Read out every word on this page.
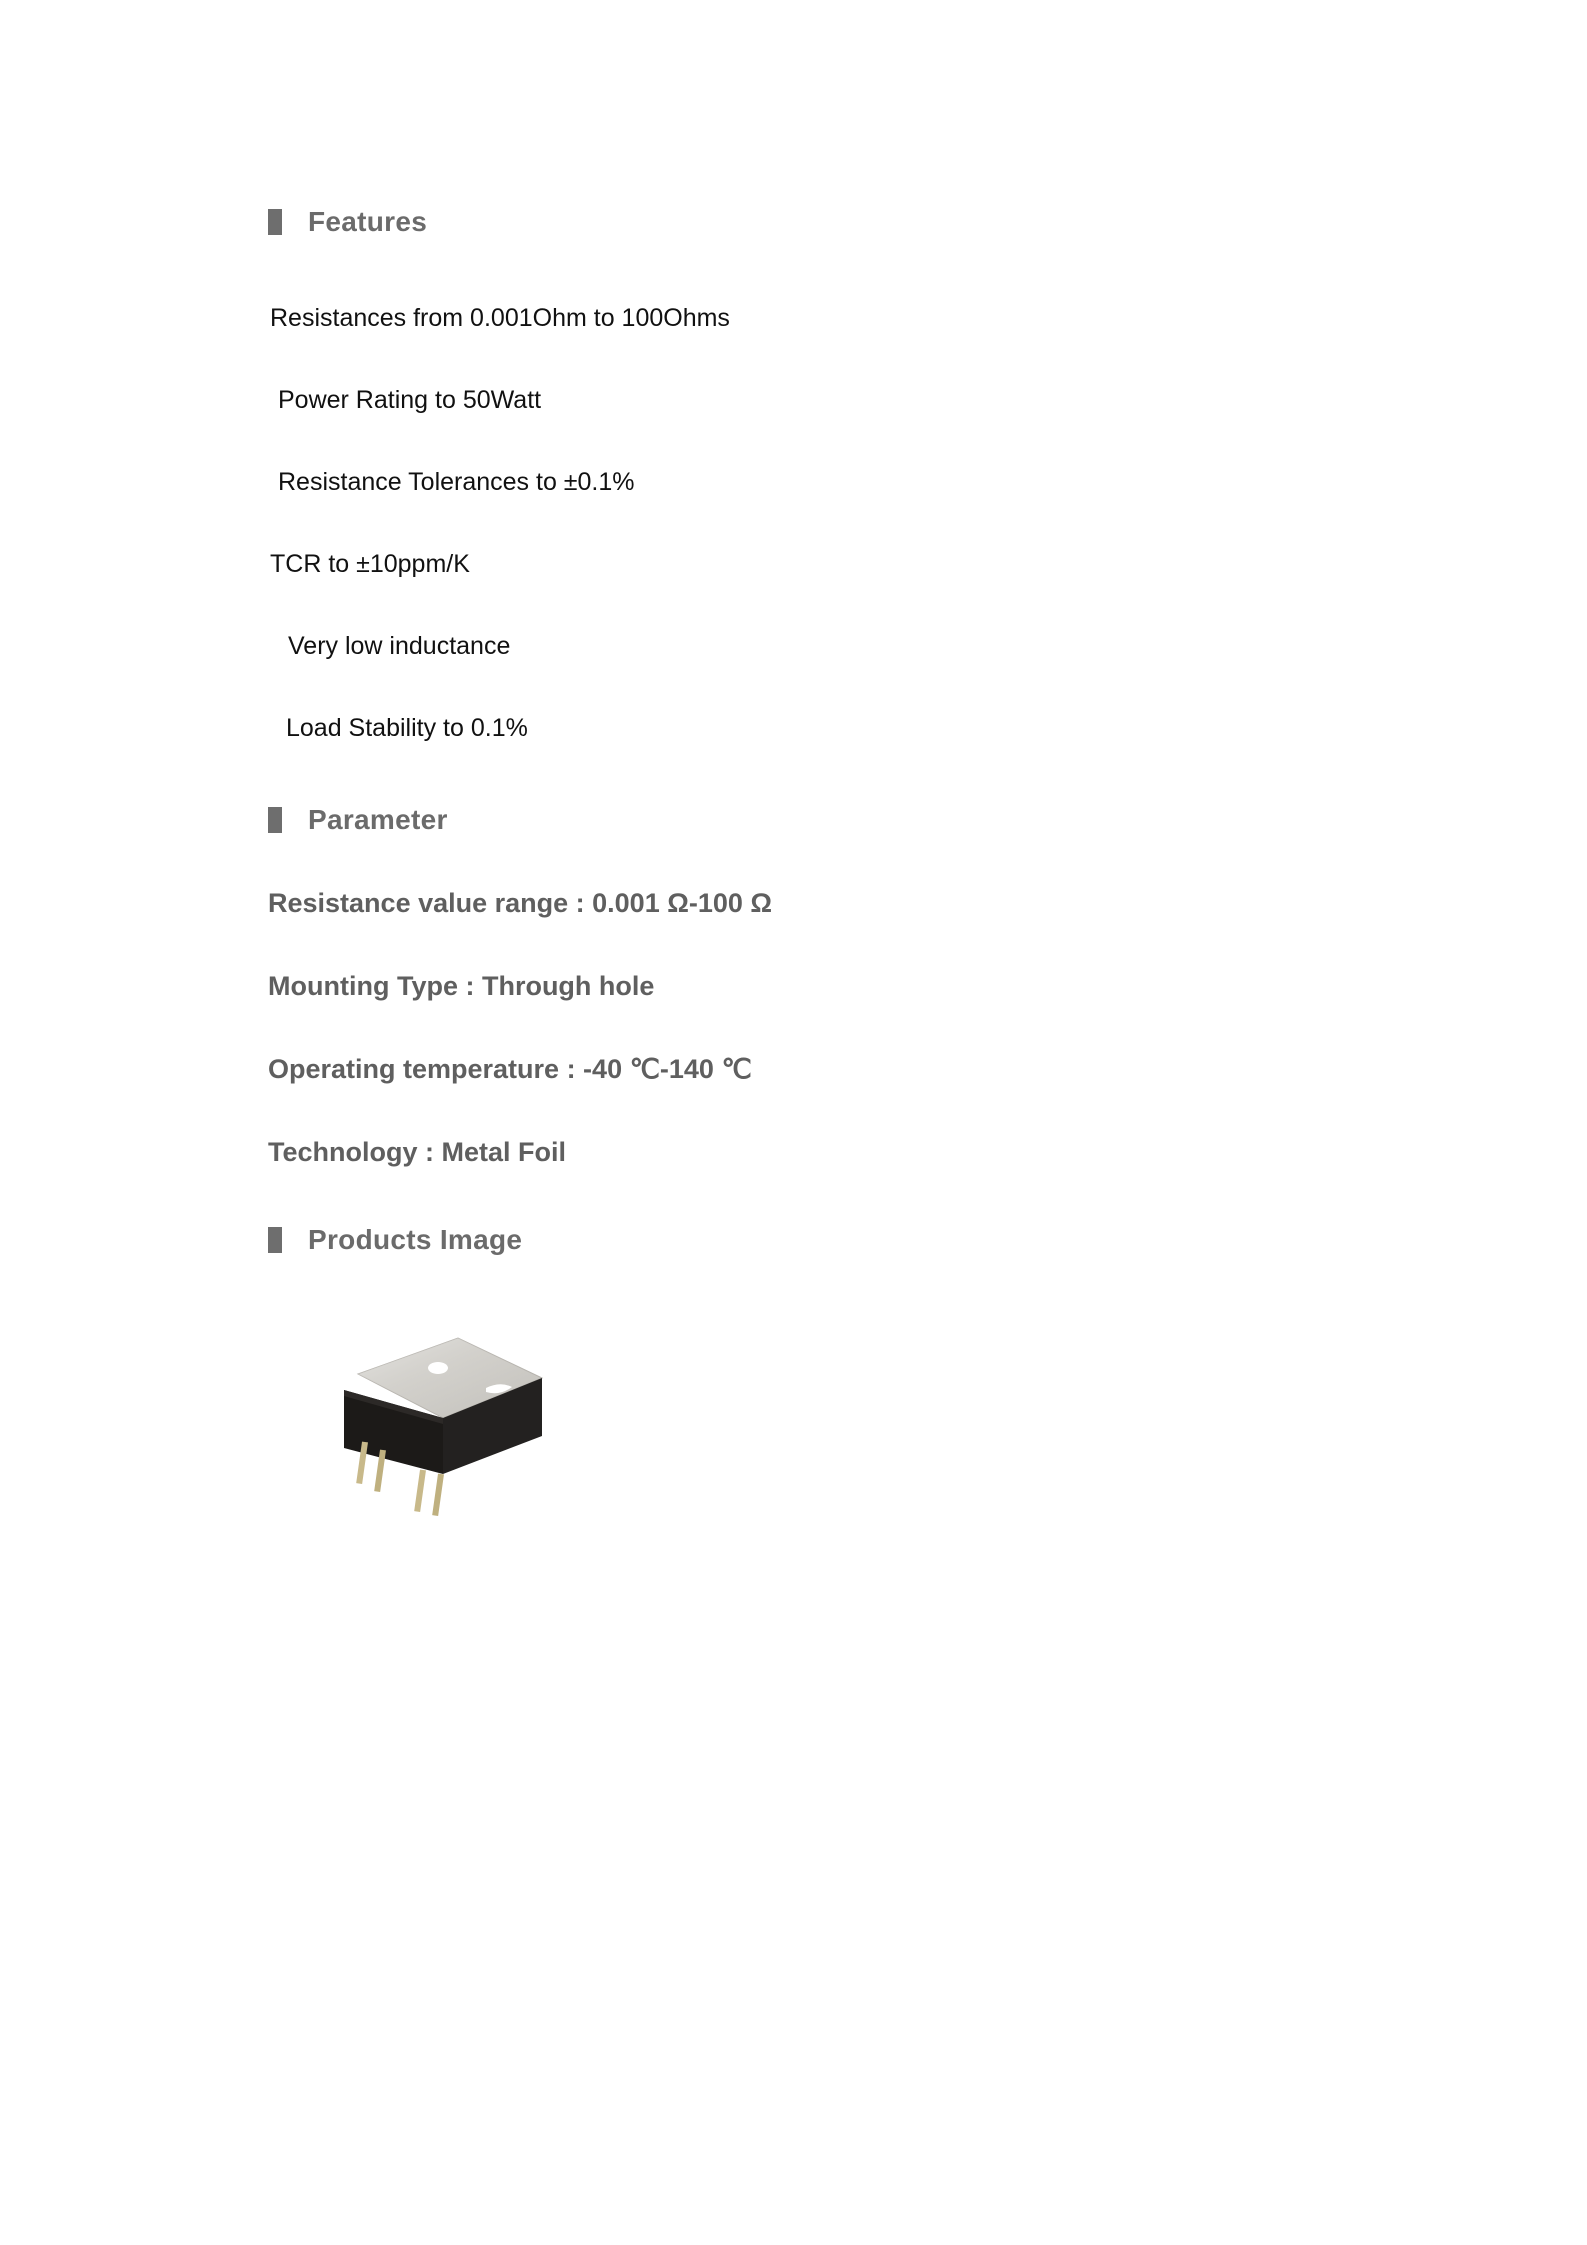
Features
Resistances from 0.001Ohm to 100Ohms
Power Rating to 50Watt
Resistance Tolerances to ±0.1%
TCR to ±10ppm/K
Very low inductance
Load Stability to 0.1%
Parameter
Resistance value range : 0.001 Ω-100 Ω
Mounting Type : Through hole
Operating temperature : -40 ℃-140 ℃
Technology : Metal Foil
Products Image
